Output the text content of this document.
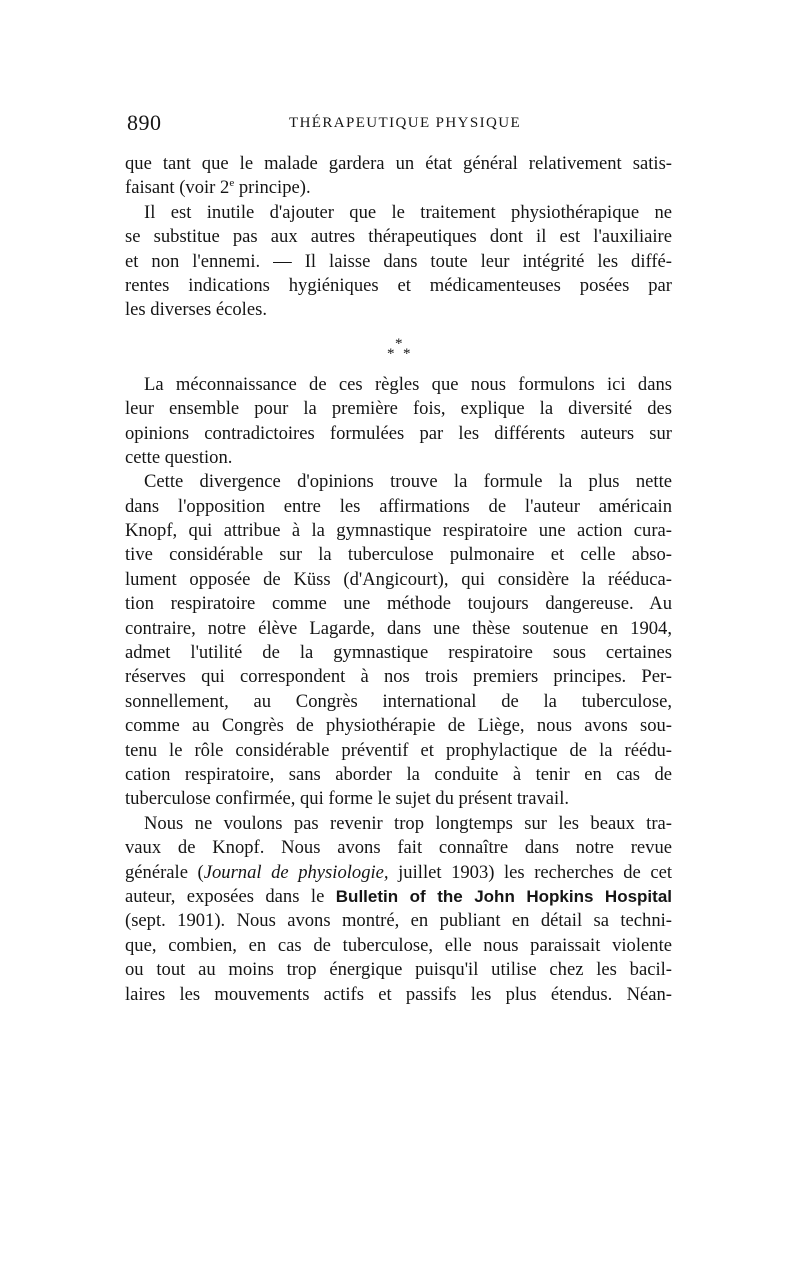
890	THÉRAPEUTIQUE PHYSIQUE
que tant que le malade gardera un état général relativement satis-
faisant (voir 2e principe).
Il est inutile d'ajouter que le traitement physiothérapique ne
se substitue pas aux autres thérapeutiques dont il est l'auxiliaire
et non l'ennemi. — Il laisse dans toute leur intégrité les diffé-
rentes indications hygiéniques et médicamenteuses posées par
les diverses écoles.
*
* *
La méconnaissance de ces règles que nous formulons ici dans
leur ensemble pour la première fois, explique la diversité des
opinions contradictoires formulées par les différents auteurs sur
cette question.
Cette divergence d'opinions trouve la formule la plus nette
dans l'opposition entre les affirmations de l'auteur américain
Knopf, qui attribue à la gymnastique respiratoire une action cura-
tive considérable sur la tuberculose pulmonaire et celle abso-
lument opposée de Küss (d'Angicourt), qui considère la rééduca-
tion respiratoire comme une méthode toujours dangereuse. Au
contraire, notre élève Lagarde, dans une thèse soutenue en 1904,
admet l'utilité de la gymnastique respiratoire sous certaines
réserves qui correspondent à nos trois premiers principes. Per-
sonnellement, au Congrès international de la tuberculose,
comme au Congrès de physiothérapie de Liège, nous avons sou-
tenu le rôle considérable préventif et prophylactique de la réédu-
cation respiratoire, sans aborder la conduite à tenir en cas de
tuberculose confirmée, qui forme le sujet du présent travail.
Nous ne voulons pas revenir trop longtemps sur les beaux tra-
vaux de Knopf. Nous avons fait connaître dans notre revue
générale (Journal de physiologie, juillet 1903) les recherches de cet
auteur, exposées dans le Bulletin of the John Hopkins Hospital
(sept. 1901). Nous avons montré, en publiant en détail sa techni-
que, combien, en cas de tuberculose, elle nous paraissait violente
ou tout au moins trop énergique puisqu'il utilise chez les bacil-
laires les mouvements actifs et passifs les plus étendus. Néan-
